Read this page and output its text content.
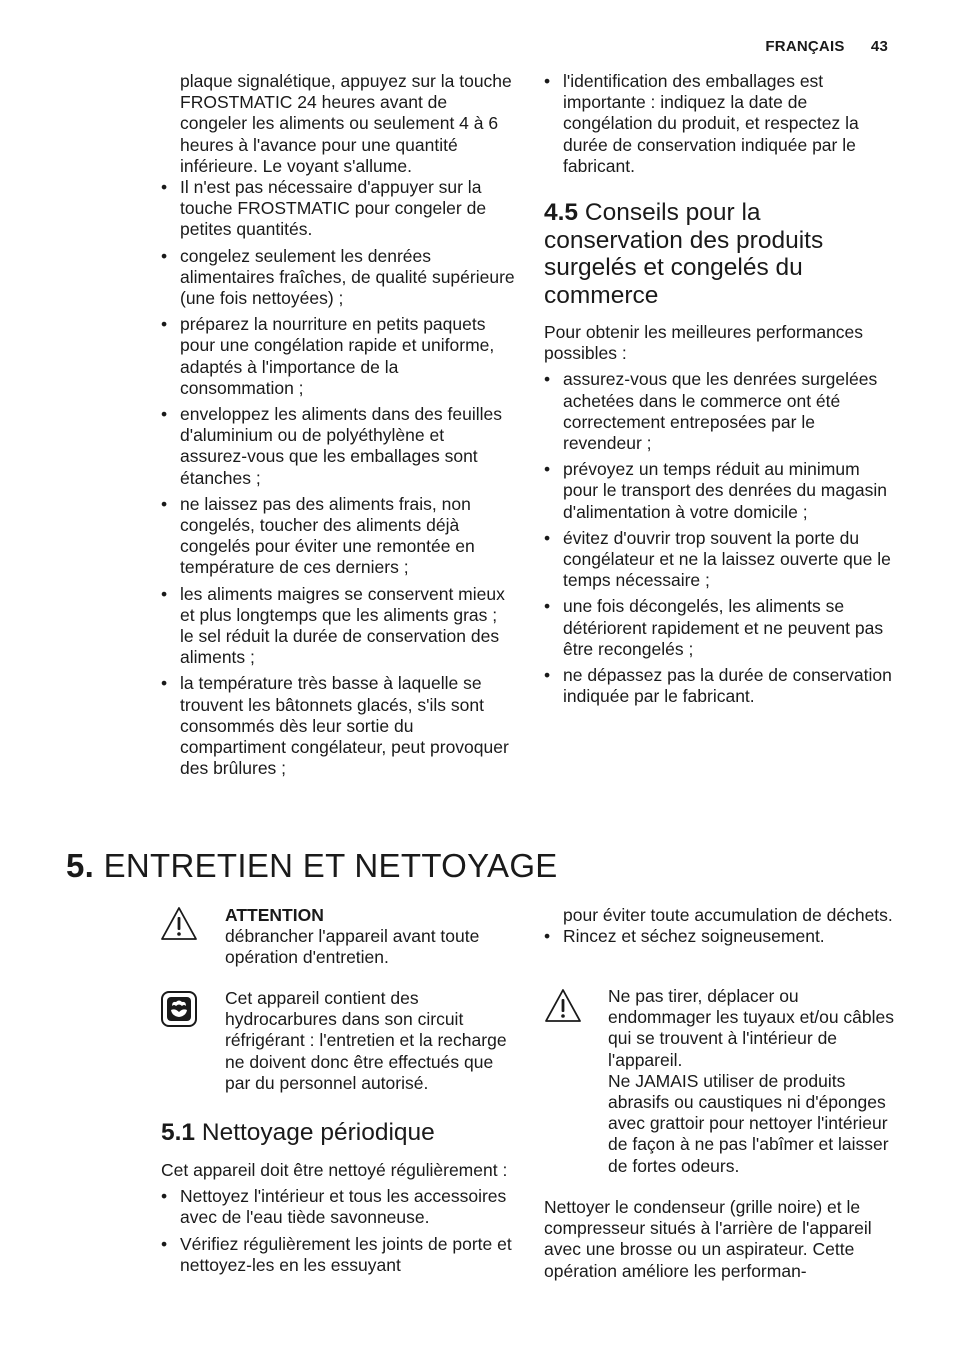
FRANÇAIS 43

plaque signalétique, appuyez sur la touche FROSTMATIC 24 heures avant de congeler les aliments ou seulement 4 à 6 heures à l'avance pour une quantité inférieure. Le voyant s'allume.

• Il n'est pas nécessaire d'appuyer sur la touche FROSTMATIC pour congeler de petites quantités.
• congelez seulement les denrées alimentaires fraîches, de qualité supérieure (une fois nettoyées) ;
• préparez la nourriture en petits paquets pour une congélation rapide et uniforme, adaptés à l'importance de la consommation ;
• enveloppez les aliments dans des feuilles d'aluminium ou de polyéthylène et assurez-vous que les emballages sont étanches ;
• ne laissez pas des aliments frais, non congelés, toucher des aliments déjà congelés pour éviter une remontée en température de ces derniers ;
• les aliments maigres se conservent mieux et plus longtemps que les aliments gras ; le sel réduit la durée de conservation des aliments ;
• la température très basse à laquelle se trouvent les bâtonnets glacés, s'ils sont consommés dès leur sortie du compartiment congélateur, peut provoquer des brûlures ;
• l'identification des emballages est importante : indiquez la date de congélation du produit, et respectez la durée de conservation indiquée par le fabricant.
4.5 Conseils pour la conservation des produits surgelés et congelés du commerce

Pour obtenir les meilleures performances possibles :

• assurez-vous que les denrées surgelées achetées dans le commerce ont été correctement entreposées par le revendeur ;
• prévoyez un temps réduit au minimum pour le transport des denrées du magasin d'alimentation à votre domicile ;
• évitez d'ouvrir trop souvent la porte du congélateur et ne la laissez ouverte que le temps nécessaire ;
• une fois décongelés, les aliments se détériorent rapidement et ne peuvent pas être recongelés ;
• ne dépassez pas la durée de conservation indiquée par le fabricant.
5. ENTRETIEN ET NETTOYAGE
ATTENTION
débrancher l'appareil avant toute opération d'entretien.
Cet appareil contient des hydrocarbures dans son circuit réfrigérant : l'entretien et la recharge ne doivent donc être effectués que par du personnel autorisé.
5.1 Nettoyage périodique

Cet appareil doit être nettoyé régulièrement :

• Nettoyez l'intérieur et tous les accessoires avec de l'eau tiède savonneuse.
• Vérifiez régulièrement les joints de porte et nettoyez-les en les essuyant

pour éviter toute accumulation de déchets.

• Rincez et séchez soigneusement.
Ne pas tirer, déplacer ou endommager les tuyaux et/ou câbles qui se trouvent à l'intérieur de l'appareil.
Ne JAMAIS utiliser de produits abrasifs ou caustiques ni d'éponges avec grattoir pour nettoyer l'intérieur de façon à ne pas l'abîmer et laisser de fortes odeurs.
Nettoyer le condenseur (grille noire) et le compresseur situés à l'arrière de l'appareil avec une brosse ou un aspirateur. Cette opération améliore les performan-
